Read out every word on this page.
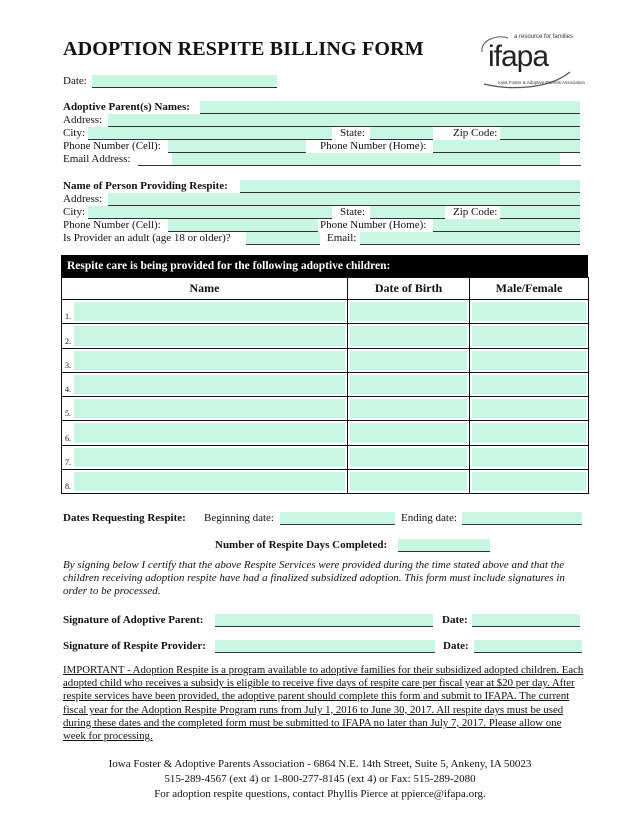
ADOPTION RESPITE BILLING FORM
a resource for families
ifapa
Iowa Foster & Adoptive Parents Association
Date:
Adoptive Parent(s) Names:
Address:
City:	State:	Zip Code:
Phone Number (Cell):	Phone Number (Home):
Email Address:
Name of Person Providing Respite:
Address:
City:	State:	Zip Code:
Phone Number (Cell):	Phone Number (Home):
Is Provider an adult (age 18 or older)?	Email:
Respite care is being provided for the following adoptive children:
Name	Date of Birth	Male/Female

1.		

2.		

3.		

4.		

5.		

6.		

7.		

8.		

Dates Requesting Respite: Beginning date:	Ending date:
Number of Respite Days Completed:
By signing below I certify that the above Respite Services were provided during the time stated above and that the children receiving adoption respite have had a finalized subsidized adoption. This form must include signatures in order to be processed.
Signature of Adoptive Parent:	Date:
Signature of Respite Provider:	Date:
IMPORTANT - Adoption Respite is a program available to adoptive families for their subsidized adopted children. Each adopted child who receives a subsidy is eligible to receive five days of respite care per fiscal year at $20 per day. After respite services have been provided, the adoptive parent should complete this form and submit to IFAPA. The current fiscal year for the Adoption Respite Program runs from July 1, 2016 to June 30, 2017. All respite days must be used during these dates and the completed form must be submitted to IFAPA no later than July 7, 2017. Please allow one week for processing.
Iowa Foster & Adoptive Parents Association - 6864 N.E. 14th Street, Suite 5, Ankeny, IA 50023
515-289-4567 (ext 4) or 1-800-277-8145 (ext 4) or Fax: 515-289-2080
For adoption respite questions, contact Phyllis Pierce at ppierce@ifapa.org.
